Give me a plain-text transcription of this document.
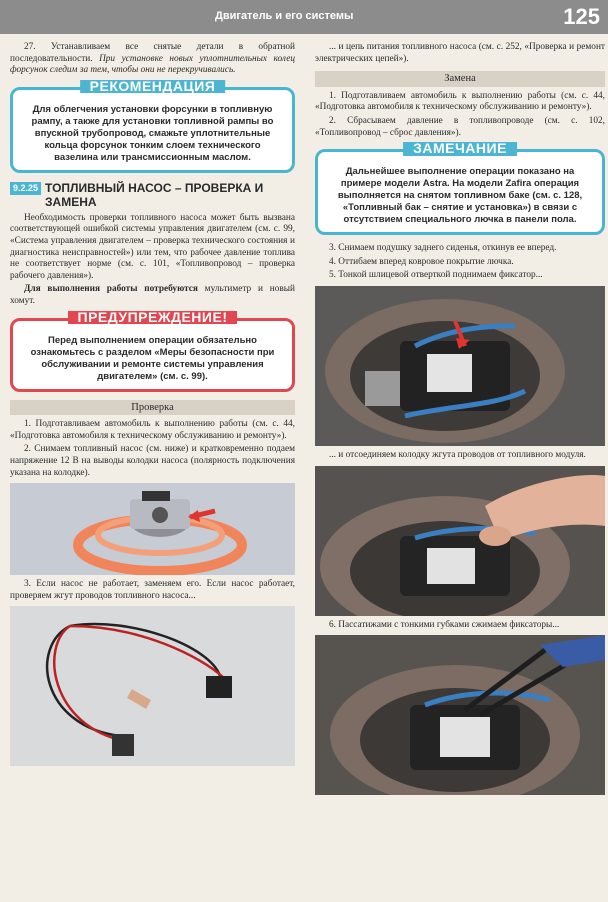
Двигатель и его системы	125

27. Устанавливаем все снятые детали в обратной последовательности. При установке новых уплотнительных колец форсунок следим за тем, чтобы они не перекручивались.

РЕКОМЕНДАЦИЯ
Для облегчения установки форсунки в топливную рампу, а также для установки топливной рампы во впускной трубопровод, смажьте уплотнительные кольца форсунок тонким слоем технического вазелина или трансмиссионным маслом.
9.2.25 ТОПЛИВНЫЙ НАСОС – ПРОВЕРКА И ЗАМЕНА

Необходимость проверки топливного насоса может быть вызвана соответствующей ошибкой системы управления двигателем (см. с. 99, «Система управления двигателем – проверка технического состояния и диагностика неисправностей») или тем, что рабочее давление топлива не соответствует норме (см. с. 101, «Топливопровод – проверка рабочего давления»).

Для выполнения работы потребуются мультиметр и новый хомут.

ПРЕДУПРЕЖДЕНИЕ!
Перед выполнением операции обязательно ознакомьтесь с разделом «Меры безопасности при обслуживании и ремонте системы управления двигателем» (см. с. 99).
Проверка

1. Подготавливаем автомобиль к выполнению работы (см. с. 44, «Подготовка автомобиля к техническому обслуживанию и ремонту»).

2. Снимаем топливный насос (см. ниже) и кратковременно подаем напряжение 12 В на выводы колодки насоса (полярность подключения указана на колодке).

3. Если насос не работает, заменяем его. Если насос работает, проверяем жгут проводов топливного насоса...

... и цепь питания топливного насоса (см. с. 252, «Проверка и ремонт электрических цепей»).

Замена

1. Подготавливаем автомобиль к выполнению работы (см. с. 44, «Подготовка автомобиля к техническому обслуживанию и ремонту»).

2. Сбрасываем давление в топливопроводе (см. с. 102, «Топливопровод – сброс давления»).

ЗАМЕЧАНИЕ
Дальнейшее выполнение операции показано на примере модели Astra. На модели Zafira операция выполняется на снятом топливном баке (см. с. 128, «Топливный бак – снятие и установка») в связи с отсутствием специального лючка в панели пола.

3. Снимаем подушку заднего сиденья, откинув ее вперед.

4. Оттибаем вперед ковровое покрытие лючка.

5. Тонкой шлицевой отверткой поднимаем фиксатор...

... и отсоединяем колодку жгута проводов от топливного модуля.

6. Пассатижами с тонкими губками сжимаем фиксаторы...
